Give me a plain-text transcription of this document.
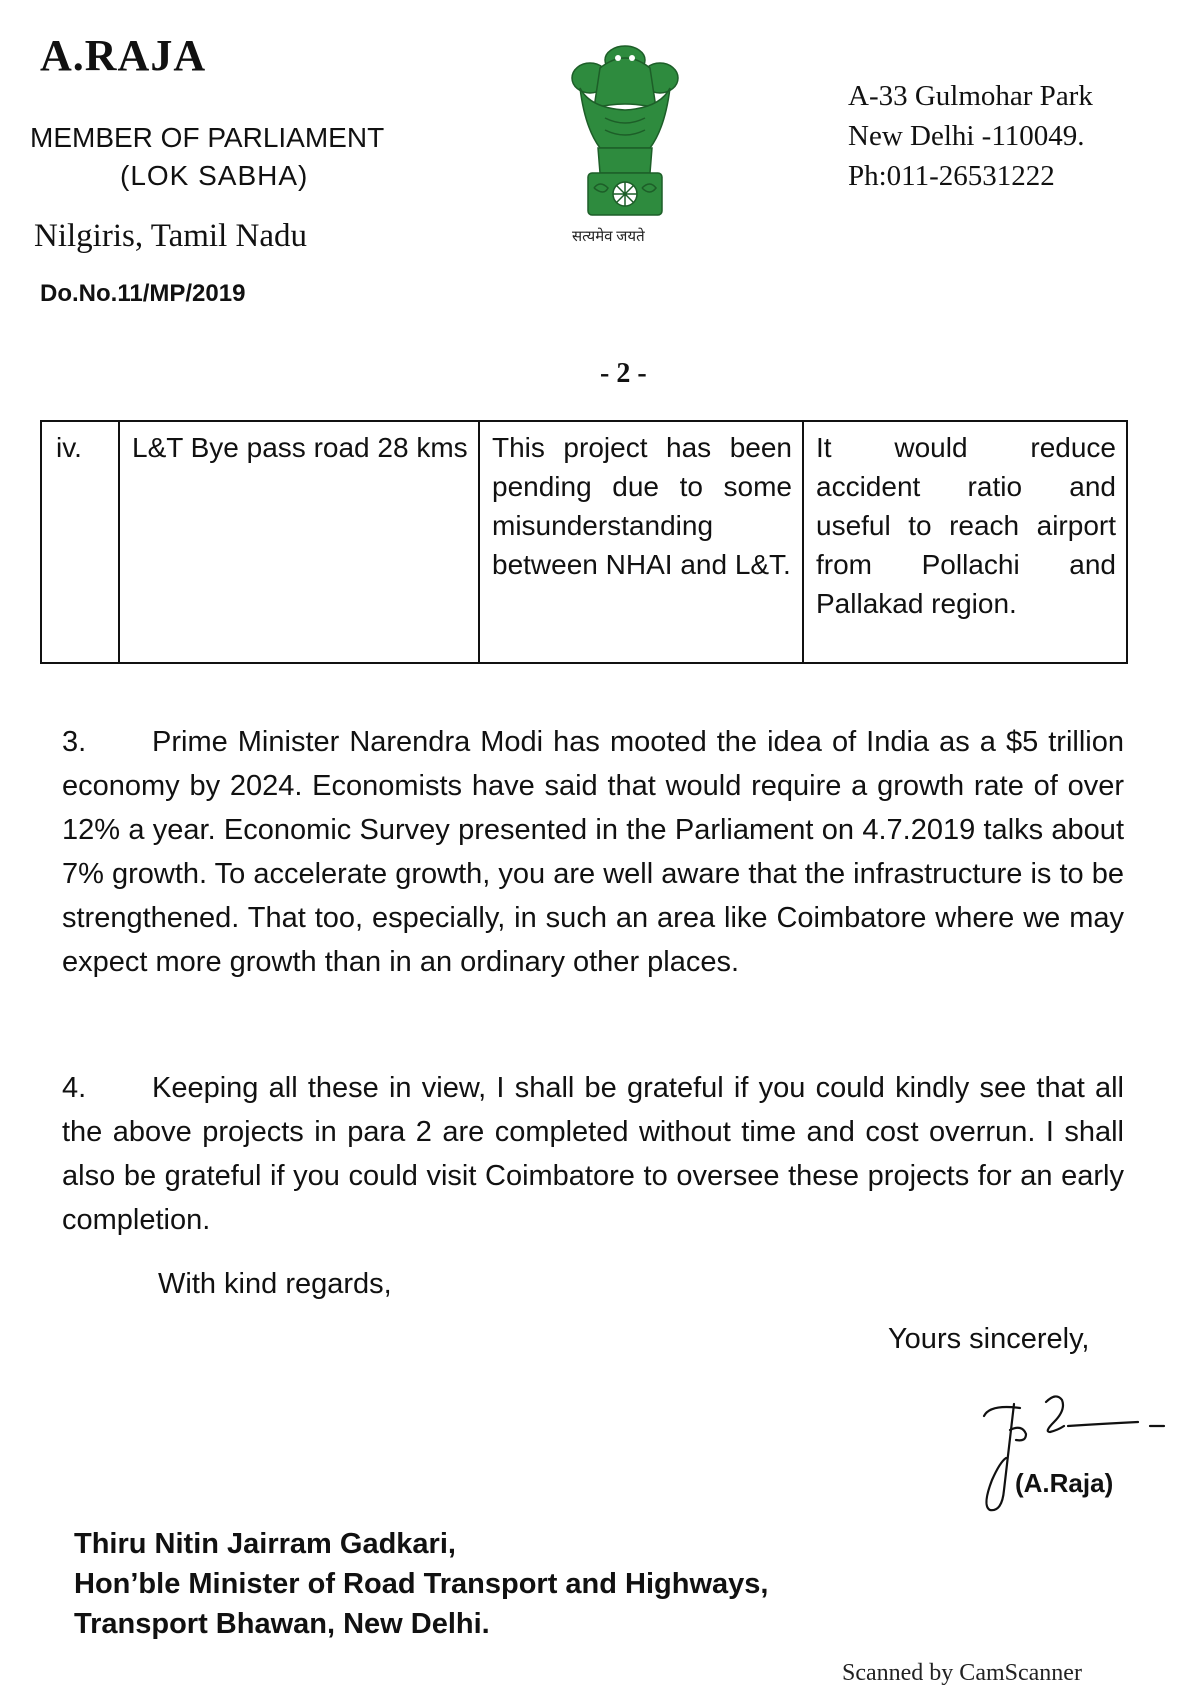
A.RAJA
MEMBER OF PARLIAMENT
(LOK SABHA)
Nilgiris, Tamil Nadu
Do.No.11/MP/2019
सत्यमेव जयते
A-33 Gulmohar Park
New Delhi -110049.
Ph:011-26531222
- 2 -
iv.	L&T Bye pass road 28 kms	This project has been pending due to some misunderstanding between NHAI and L&T.	It would reduce accident ratio and useful to reach airport from Pollachi and Pallakad region.
3. Prime Minister Narendra Modi has mooted the idea of India as a $5 trillion economy by 2024. Economists have said that would require a growth rate of over 12% a year. Economic Survey presented in the Parliament on 4.7.2019 talks about 7% growth. To accelerate growth, you are well aware that the infrastructure is to be strengthened. That too, especially, in such an area like Coimbatore where we may expect more growth than in an ordinary other places.
4. Keeping all these in view, I shall be grateful if you could kindly see that all the above projects in para 2 are completed without time and cost overrun. I shall also be grateful if you could visit Coimbatore to oversee these projects for an early completion.
With kind regards,
Yours sincerely,
(A.Raja)
Thiru Nitin Jairram Gadkari,
Hon’ble Minister of Road Transport and Highways,
Transport Bhawan, New Delhi.
Scanned by CamScanner
